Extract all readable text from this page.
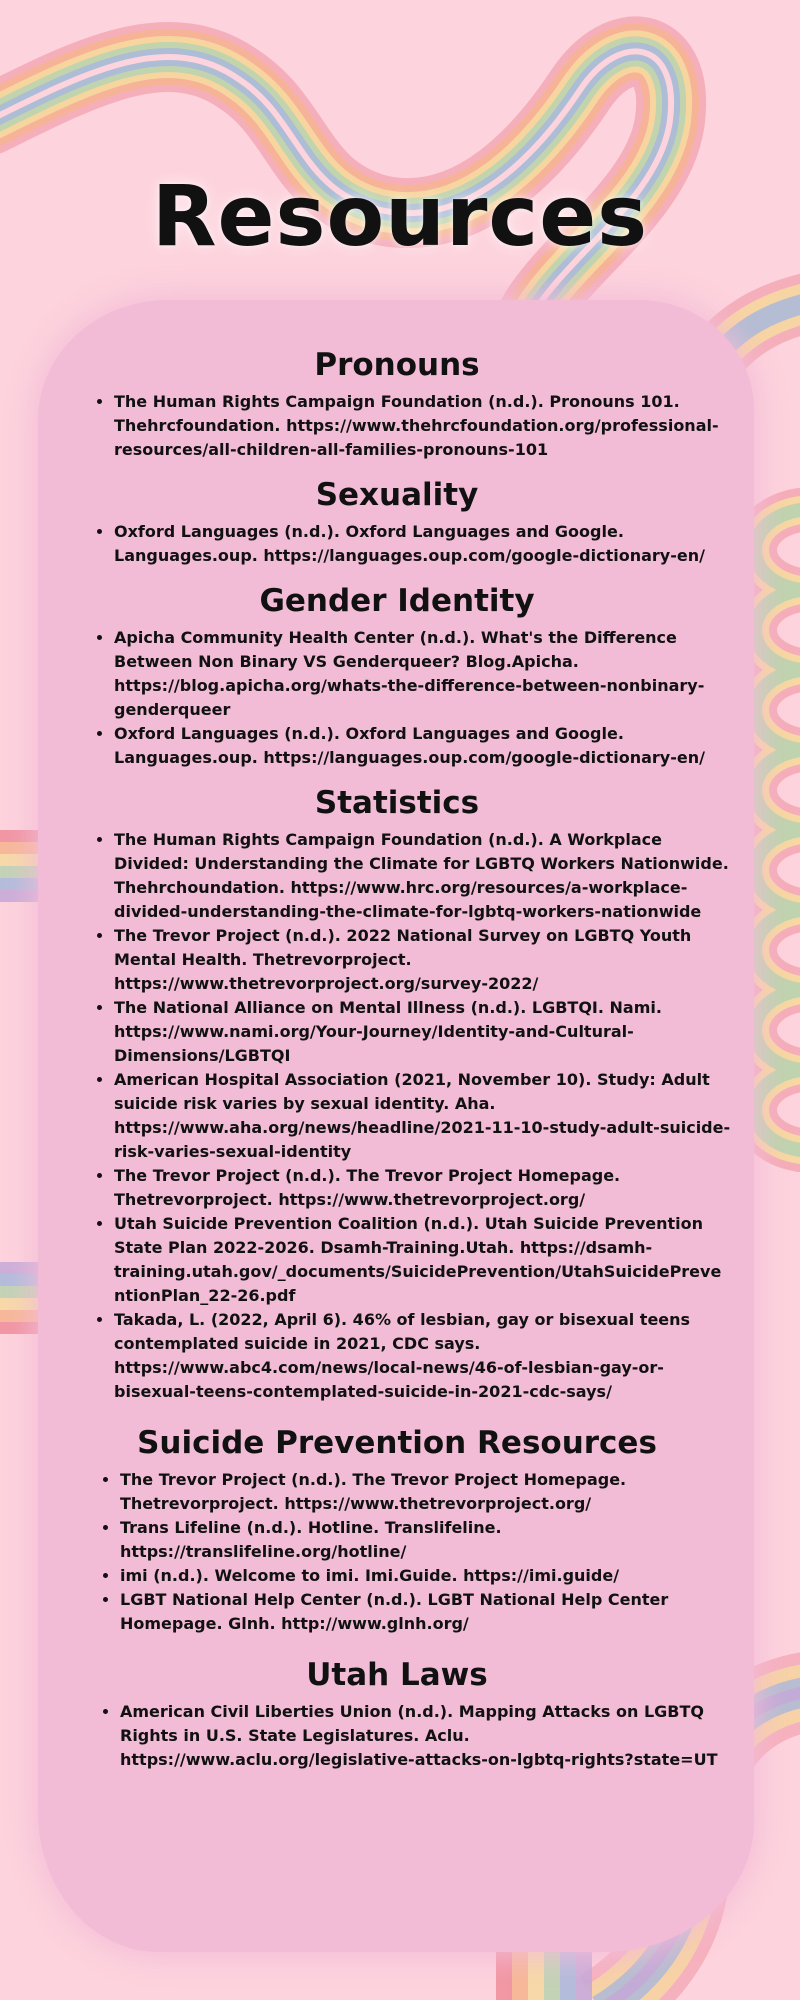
Resources
Pronouns
• The Human Rights Campaign Foundation (n.d.). Pronouns 101. Thehrcfoundation. https://www.thehrcfoundation.org/professional-resources/all-children-all-families-pronouns-101
Sexuality
• Oxford Languages (n.d.). Oxford Languages and Google. Languages.oup. https://languages.oup.com/google-dictionary-en/
Gender Identity
• Apicha Community Health Center (n.d.). What's the Difference Between Non Binary VS Genderqueer? Blog.Apicha. https://blog.apicha.org/whats-the-difference-between-nonbinary-genderqueer
• Oxford Languages (n.d.). Oxford Languages and Google. Languages.oup. https://languages.oup.com/google-dictionary-en/
Statistics
• The Human Rights Campaign Foundation (n.d.). A Workplace Divided: Understanding the Climate for LGBTQ Workers Nationwide. Thehrchoundation. https://www.hrc.org/resources/a-workplace-divided-understanding-the-climate-for-lgbtq-workers-nationwide
• The Trevor Project (n.d.). 2022 National Survey on LGBTQ Youth Mental Health. Thetrevorproject. https://www.thetrevorproject.org/survey-2022/
• The National Alliance on Mental Illness (n.d.). LGBTQI. Nami. https://www.nami.org/Your-Journey/Identity-and-Cultural-Dimensions/LGBTQI
• American Hospital Association (2021, November 10). Study: Adult suicide risk varies by sexual identity. Aha. https://www.aha.org/news/headline/2021-11-10-study-adult-suicide-risk-varies-sexual-identity
• The Trevor Project (n.d.). The Trevor Project Homepage. Thetrevorproject. https://www.thetrevorproject.org/
• Utah Suicide Prevention Coalition (n.d.). Utah Suicide Prevention State Plan 2022-2026. Dsamh-Training.Utah. https://dsamh-training.utah.gov/_documents/SuicidePrevention/UtahSuicidePreventionPlan_22-26.pdf
• Takada, L. (2022, April 6). 46% of lesbian, gay or bisexual teens contemplated suicide in 2021, CDC says. https://www.abc4.com/news/local-news/46-of-lesbian-gay-or-bisexual-teens-contemplated-suicide-in-2021-cdc-says/
Suicide Prevention Resources
• The Trevor Project (n.d.). The Trevor Project Homepage. Thetrevorproject. https://www.thetrevorproject.org/
• Trans Lifeline (n.d.). Hotline. Translifeline. https://translifeline.org/hotline/
• imi (n.d.). Welcome to imi. Imi.Guide. https://imi.guide/
• LGBT National Help Center (n.d.). LGBT National Help Center Homepage. Glnh. http://www.glnh.org/
Utah Laws
• American Civil Liberties Union (n.d.). Mapping Attacks on LGBTQ Rights in U.S. State Legislatures. Aclu. https://www.aclu.org/legislative-attacks-on-lgbtq-rights?state=UT
